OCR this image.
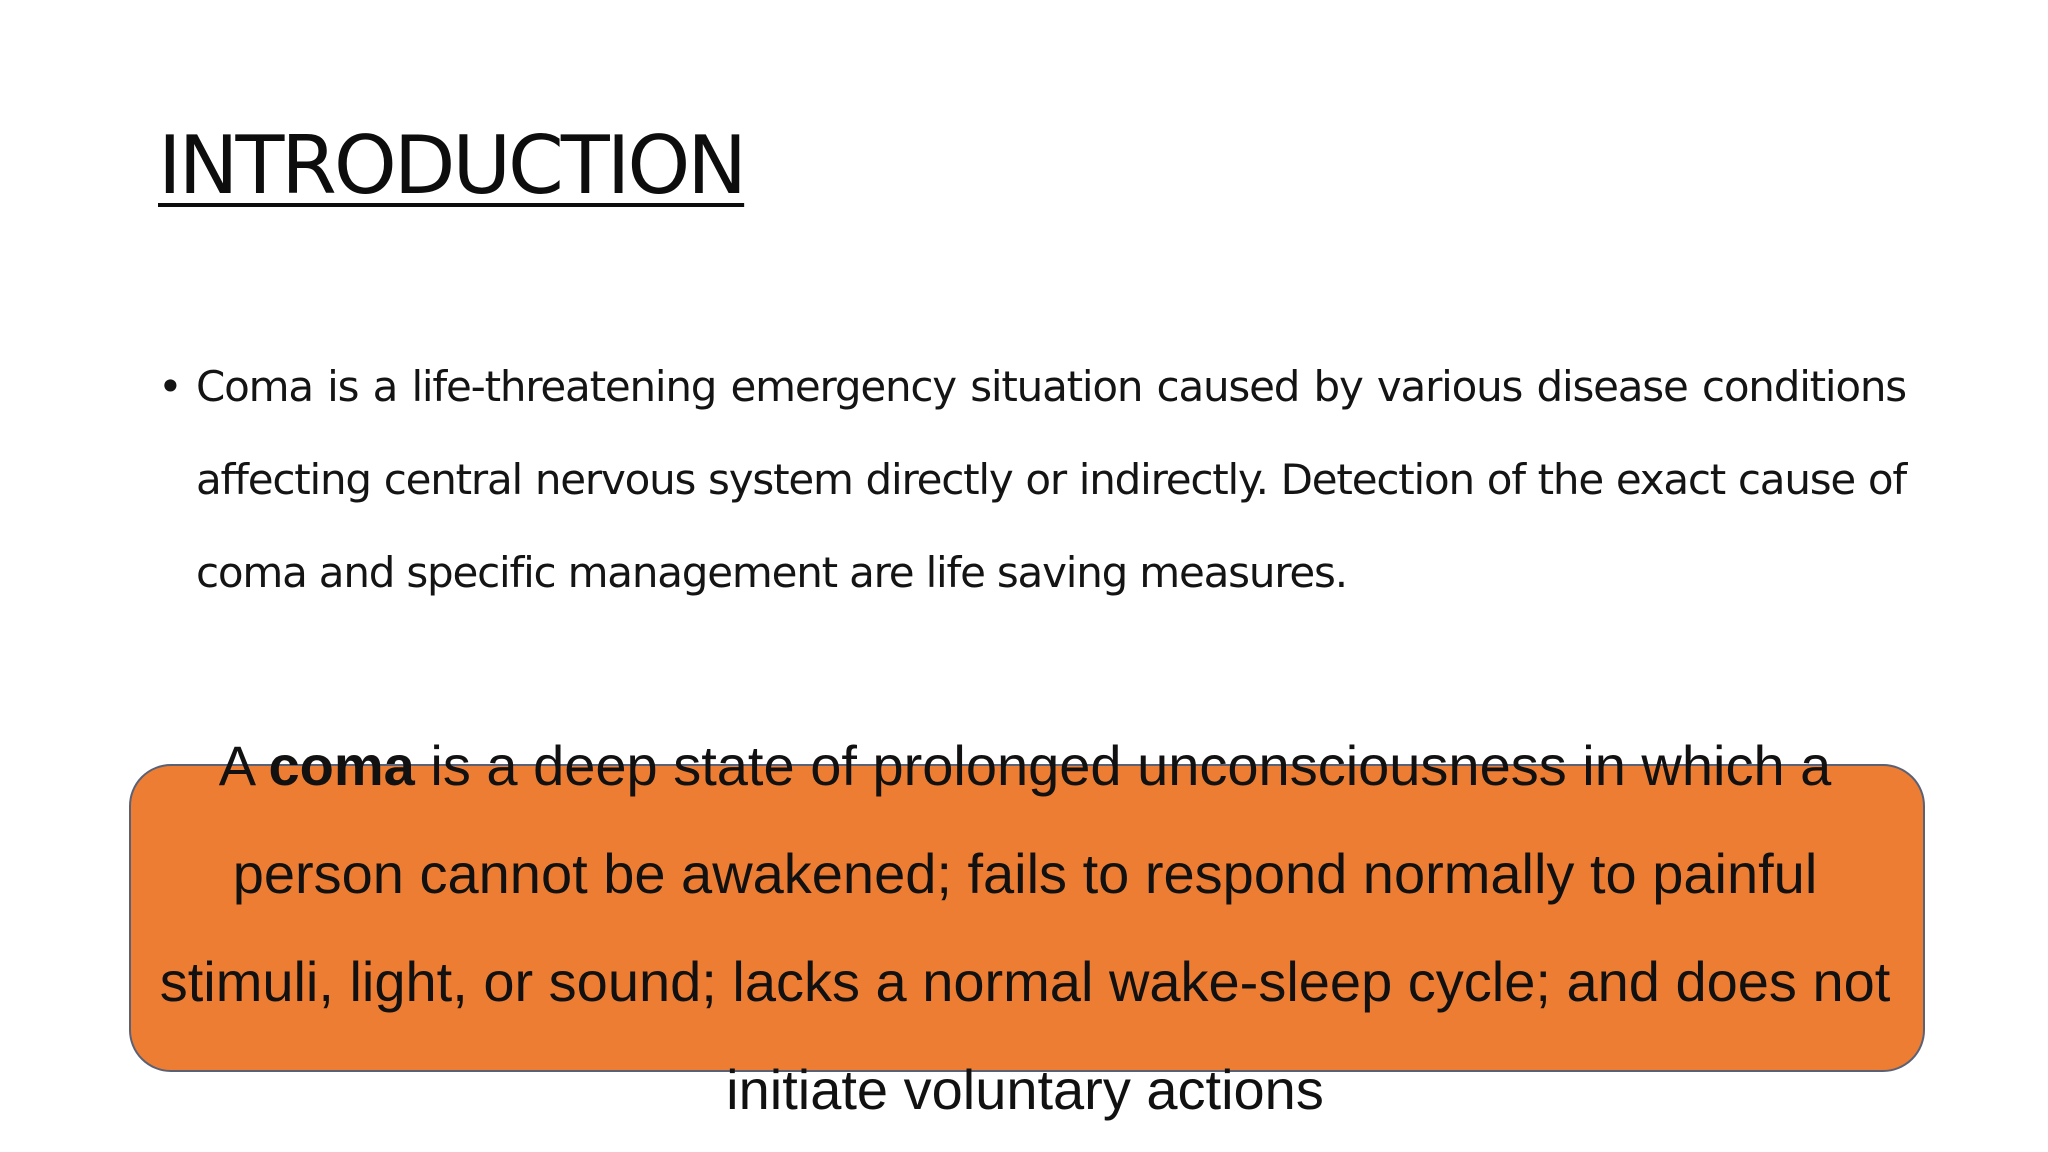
INTRODUCTION
• Coma is a life-threatening emergency situation caused by various disease conditions affecting central nervous system directly or indirectly. Detection of the exact cause of coma and specific management are life saving measures.
A coma is a deep state of prolonged unconsciousness in which a person cannot be awakened; fails to respond normally to painful stimuli, light, or sound; lacks a normal wake-sleep cycle; and does not initiate voluntary actions
